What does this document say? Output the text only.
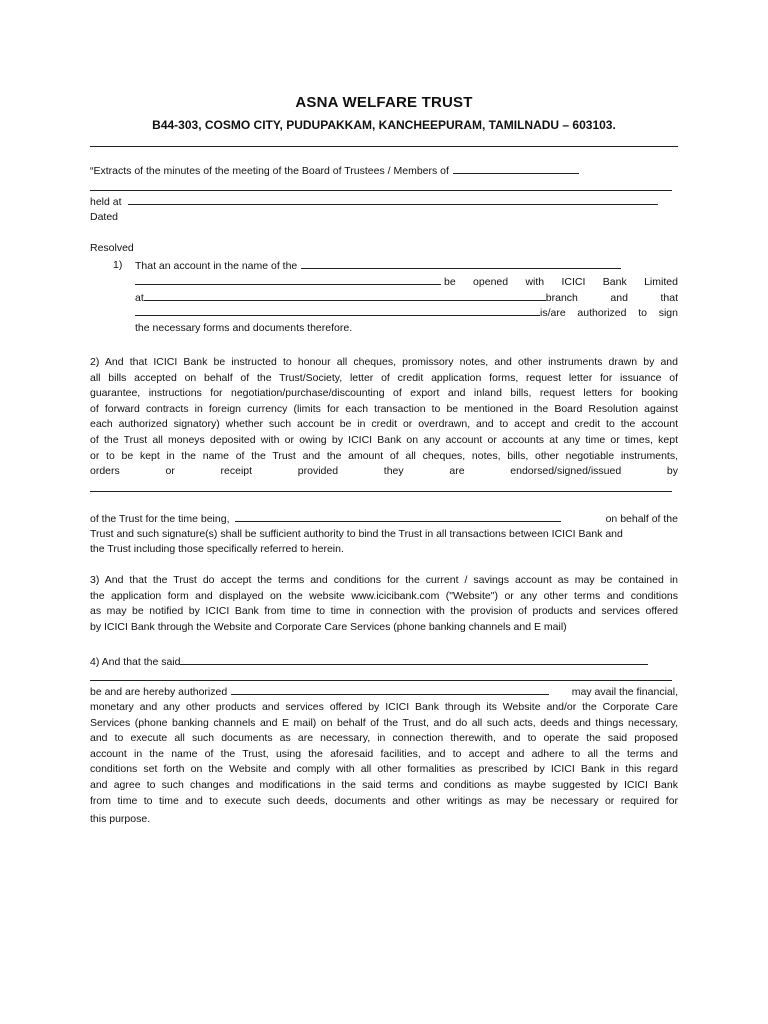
ASNA WELFARE TRUST
B44-303, COSMO CITY, PUDUPAKKAM, KANCHEEPURAM, TAMILNADU – 603103.
“Extracts of the minutes of the meeting of the Board of Trustees / Members of
held at
Dated
Resolved
1) That an account in the name of the
be opened with ICICI Bank Limited
at	branch	and	that
is/are authorized to sign
the necessary forms and documents therefore.
2) And that ICICI Bank be instructed to honour all cheques, promissory notes, and other instruments drawn by and
all bills accepted on behalf of the Trust/Society, letter of credit application forms, request letter for issuance of
guarantee, instructions for negotiation/purchase/discounting of export and inland bills, request letters for booking
of forward contracts in foreign currency (limits for each transaction to be mentioned in the Board Resolution against
each authorized signatory) whether such account be in credit or overdrawn, and to accept and credit to the account
of the Trust all moneys deposited with or owing by ICICI Bank on any account or accounts at any time or times, kept
or to be kept in the name of the Trust and the amount of all cheques, notes, bills, other negotiable instruments,
orders	or	receipt	provided	they	are	endorsed/signed/issued	by
of the Trust for the time being,	on behalf of the
Trust and such signature(s) shall be sufficient authority to bind the Trust in all transactions between ICICI Bank and
the Trust including those specifically referred to herein.
3) And that the Trust do accept the terms and conditions for the current / savings account as may be contained in
the application form and displayed on the website www.icicibank.com ("Website") or any other terms and conditions
as may be notified by ICICI Bank from time to time in connection with the provision of products and services offered
by ICICI Bank through the Website and Corporate Care Services (phone banking channels and E mail)
4) And that the said
be and are hereby authorized	may avail the financial,
monetary and any other products and services offered by ICICI Bank through its Website and/or the Corporate Care
Services (phone banking channels and E mail) on behalf of the Trust, and do all such acts, deeds and things necessary,
and to execute all such documents as are necessary, in connection therewith, and to operate the said proposed
account in the name of the Trust, using the aforesaid facilities, and to accept and adhere to all the terms and
conditions set forth on the Website and comply with all other formalities as prescribed by ICICI Bank in this regard
and agree to such changes and modifications in the said terms and conditions as maybe suggested by ICICI Bank
from time to time and to execute such deeds, documents and other writings as may be necessary or required for
this purpose.
